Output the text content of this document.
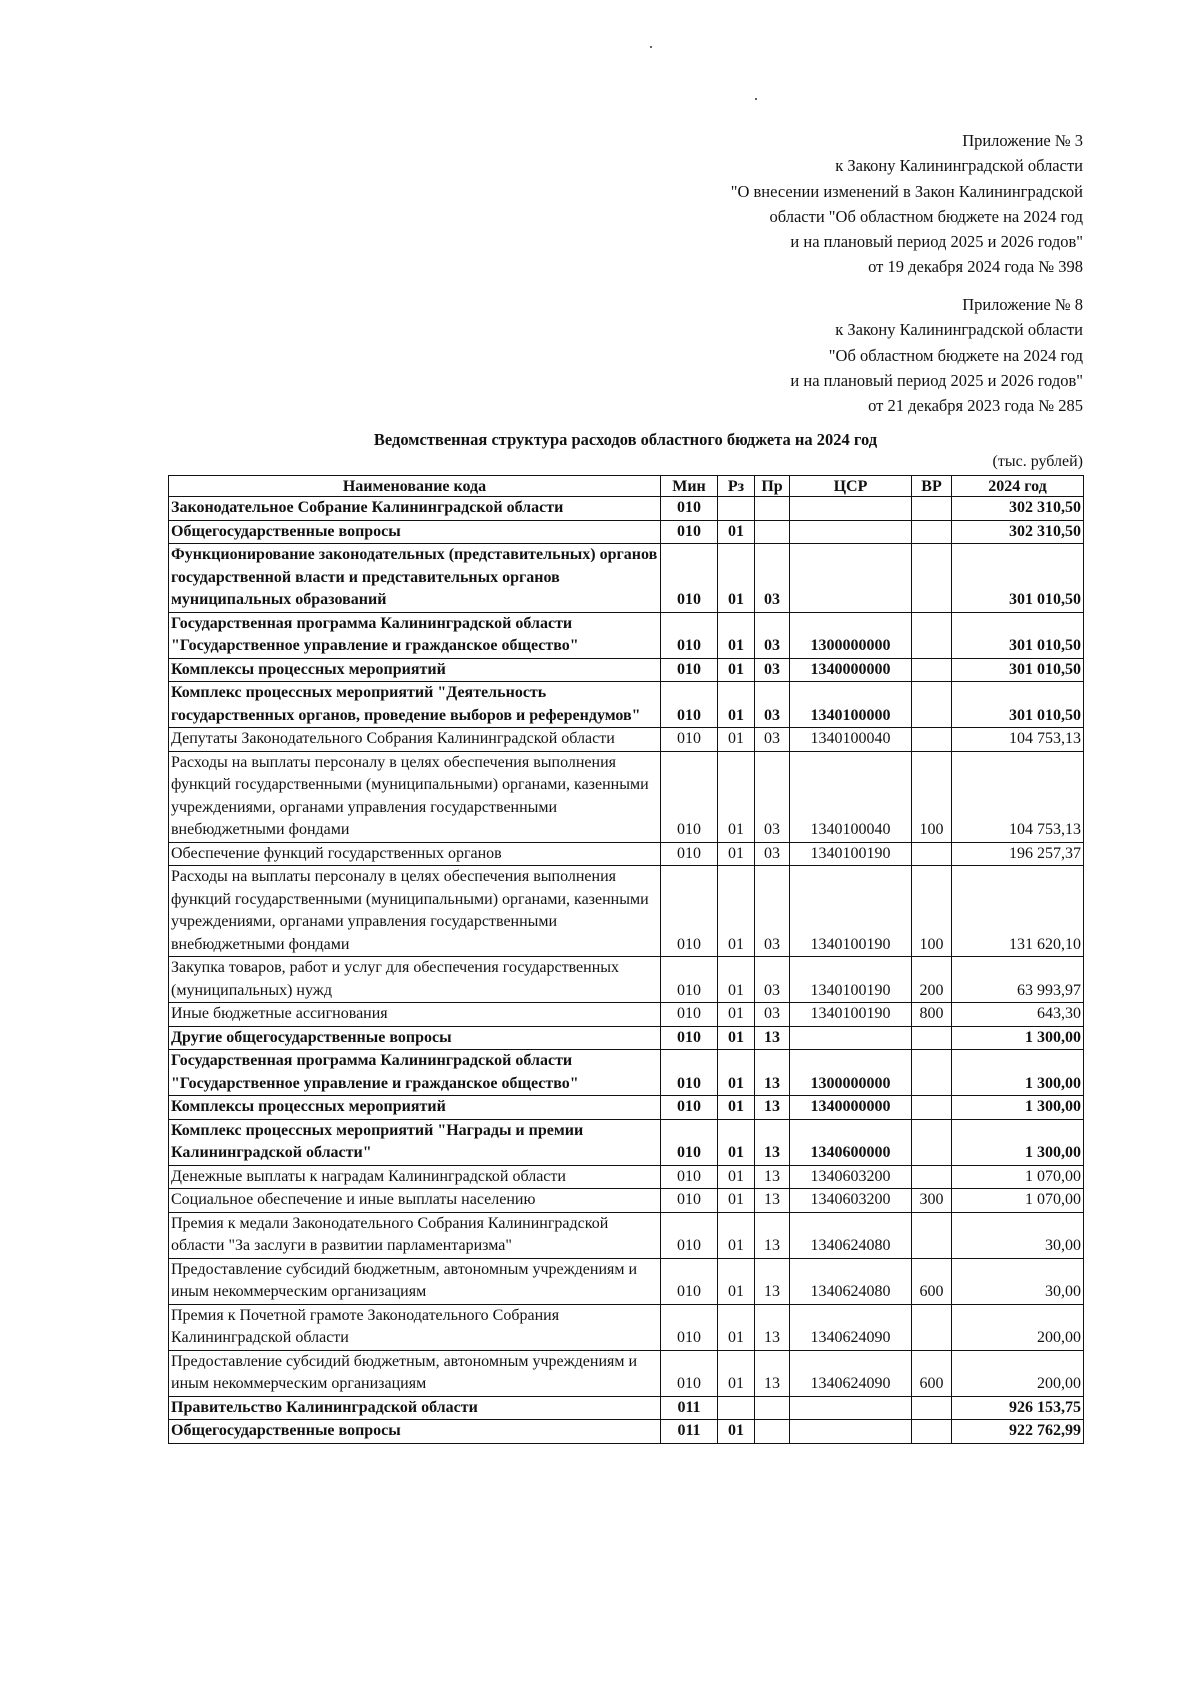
Приложение № 3
к Закону Калининградской области
"О внесении изменений в Закон Калининградской
области "Об областном бюджете на 2024 год
и на плановый период 2025 и 2026 годов"
от 19 декабря 2024 года № 398
Приложение № 8
к Закону Калининградской области
"Об областном бюджете на 2024 год
и на плановый период 2025 и 2026 годов"
от 21 декабря 2023 года № 285
Ведомственная структура расходов областного бюджета на 2024 год
(тыс. рублей)
Наименование кода	Мин	Рз	Пр	ЦСР	ВР	2024 год
Законодательное Собрание Калининградской области	010					302 310,50
Общегосударственные вопросы	010	01				302 310,50
Функционирование законодательных (представительных) органов государственной власти и представительных органов муниципальных образований	010	01	03			301 010,50
Государственная программа Калининградской области "Государственное управление и гражданское общество"	010	01	03	1300000000		301 010,50
Комплексы процессных мероприятий	010	01	03	1340000000		301 010,50
Комплекс процессных мероприятий "Деятельность государственных органов, проведение выборов и референдумов"	010	01	03	1340100000		301 010,50
Депутаты Законодательного Собрания Калининградской области	010	01	03	1340100040		104 753,13
Расходы на выплаты персоналу в целях обеспечения выполнения функций государственными (муниципальными) органами, казенными учреждениями, органами управления государственными внебюджетными фондами	010	01	03	1340100040	100	104 753,13
Обеспечение функций государственных органов	010	01	03	1340100190		196 257,37
Расходы на выплаты персоналу в целях обеспечения выполнения функций государственными (муниципальными) органами, казенными учреждениями, органами управления государственными внебюджетными фондами	010	01	03	1340100190	100	131 620,10
Закупка товаров, работ и услуг для обеспечения государственных (муниципальных) нужд	010	01	03	1340100190	200	63 993,97
Иные бюджетные ассигнования	010	01	03	1340100190	800	643,30
Другие общегосударственные вопросы	010	01	13			1 300,00
Государственная программа Калининградской области "Государственное управление и гражданское общество"	010	01	13	1300000000		1 300,00
Комплексы процессных мероприятий	010	01	13	1340000000		1 300,00
Комплекс процессных мероприятий "Награды и премии Калининградской области"	010	01	13	1340600000		1 300,00
Денежные выплаты к наградам Калининградской области	010	01	13	1340603200		1 070,00
Социальное обеспечение и иные выплаты населению	010	01	13	1340603200	300	1 070,00
Премия к медали Законодательного Собрания Калининградской области "За заслуги в развитии парламентаризма"	010	01	13	1340624080		30,00
Предоставление субсидий бюджетным, автономным учреждениям и иным некоммерческим организациям	010	01	13	1340624080	600	30,00
Премия к Почетной грамоте Законодательного Собрания Калининградской области	010	01	13	1340624090		200,00
Предоставление субсидий бюджетным, автономным учреждениям и иным некоммерческим организациям	010	01	13	1340624090	600	200,00
Правительство Калининградской области	011					926 153,75
Общегосударственные вопросы	011	01				922 762,99
